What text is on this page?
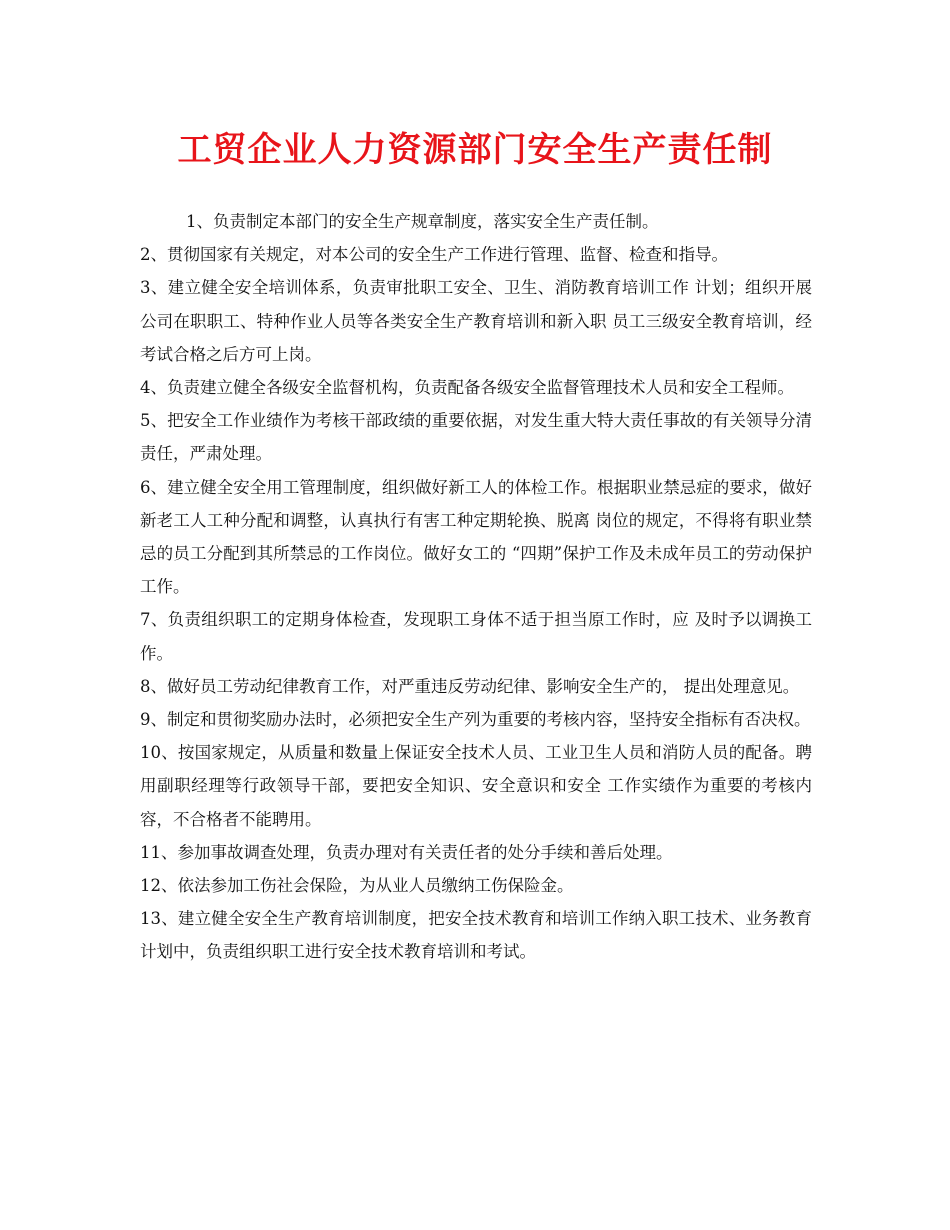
工贸企业人力资源部门安全生产责任制

1、负责制定本部门的安全生产规章制度，落实安全生产责任制。

2、贯彻国家有关规定，对本公司的安全生产工作进行管理、监督、检查和指导。

3、建立健全安全培训体系，负责审批职工安全、卫生、消防教育培训工作 计划；组织开展公司在职职工、特种作业人员等各类安全生产教育培训和新入职 员工三级安全教育培训，经考试合格之后方可上岗。

4、负责建立健全各级安全监督机构，负责配备各级安全监督管理技术人员和安全工程师。

5、把安全工作业绩作为考核干部政绩的重要依据，对发生重大特大责任事故的有关领导分清责任，严肃处理。

6、建立健全安全用工管理制度，组织做好新工人的体检工作。根据职业禁忌症的要求，做好新老工人工种分配和调整，认真执行有害工种定期轮换、脱离 岗位的规定，不得将有职业禁忌的员工分配到其所禁忌的工作岗位。做好女工的 “四期”保护工作及未成年员工的劳动保护工作。

7、负责组织职工的定期身体检查，发现职工身体不适于担当原工作时，应 及时予以调换工作。

8、做好员工劳动纪律教育工作，对严重违反劳动纪律、影响安全生产的， 提出处理意见。

9、制定和贯彻奖励办法时，必须把安全生产列为重要的考核内容，坚持安全指标有否决权。

10、按国家规定，从质量和数量上保证安全技术人员、工业卫生人员和消防人员的配备。聘用副职经理等行政领导干部，要把安全知识、安全意识和安全 工作实绩作为重要的考核内容，不合格者不能聘用。

11、参加事故调查处理，负责办理对有关责任者的处分手续和善后处理。

12、依法参加工伤社会保险，为从业人员缴纳工伤保险金。

13、建立健全安全生产教育培训制度，把安全技术教育和培训工作纳入职工技术、业务教育计划中，负责组织职工进行安全技术教育培训和考试。
